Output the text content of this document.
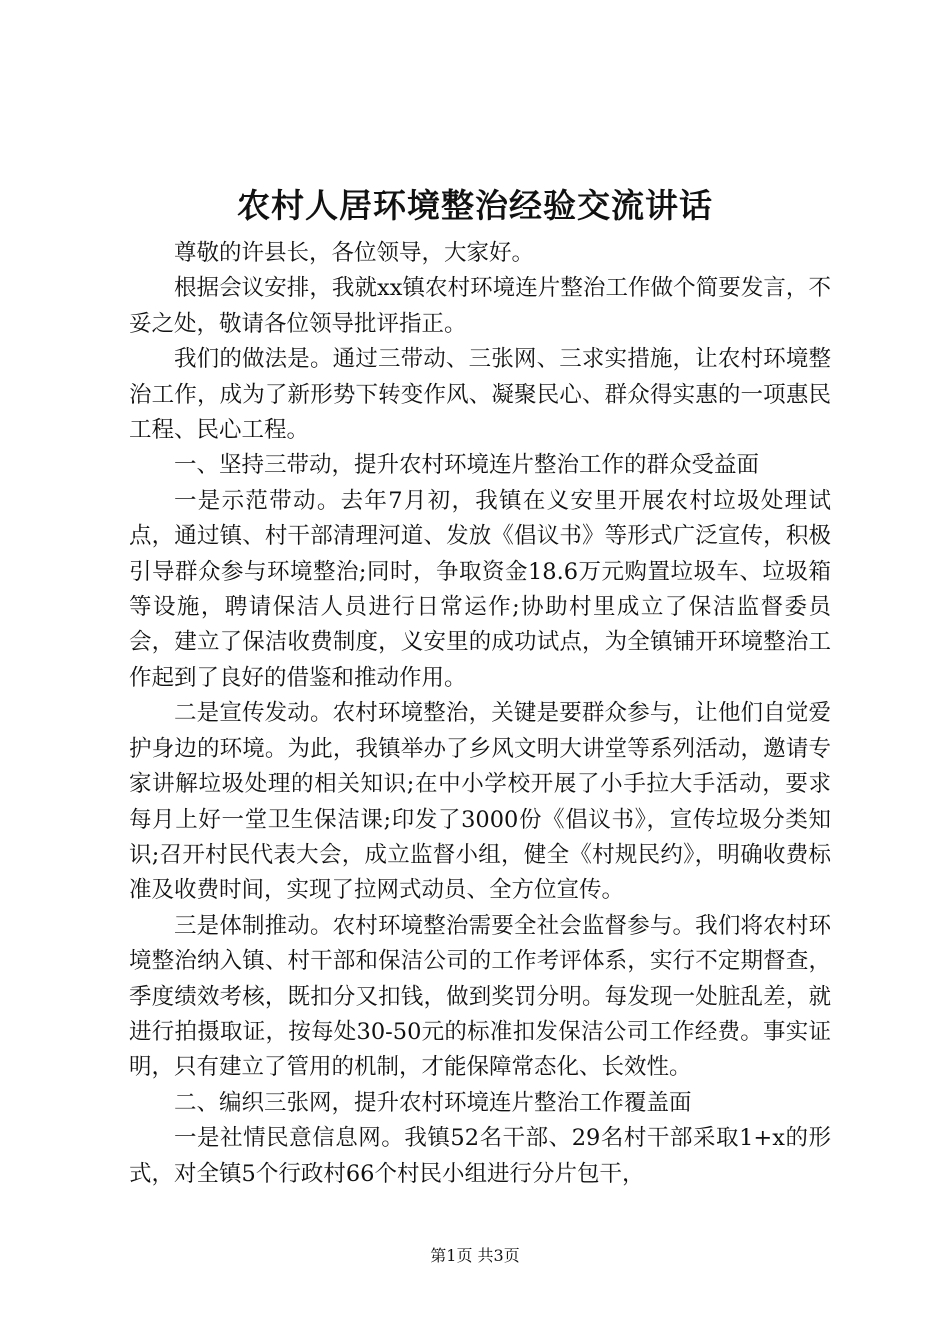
农村人居环境整治经验交流讲话

尊敬的许县长，各位领导，大家好。

根据会议安排，我就xx镇农村环境连片整治工作做个简要发言，不妥之处，敬请各位领导批评指正。

我们的做法是。通过三带动、三张网、三求实措施，让农村环境整治工作，成为了新形势下转变作风、凝聚民心、群众得实惠的一项惠民工程、民心工程。

一、坚持三带动，提升农村环境连片整治工作的群众受益面

一是示范带动。去年7月初，我镇在义安里开展农村垃圾处理试点，通过镇、村干部清理河道、发放《倡议书》等形式广泛宣传，积极引导群众参与环境整治;同时，争取资金18.6万元购置垃圾车、垃圾箱等设施，聘请保洁人员进行日常运作;协助村里成立了保洁监督委员会，建立了保洁收费制度，义安里的成功试点，为全镇铺开环境整治工作起到了良好的借鉴和推动作用。

二是宣传发动。农村环境整治，关键是要群众参与，让他们自觉爱护身边的环境。为此，我镇举办了乡风文明大讲堂等系列活动，邀请专家讲解垃圾处理的相关知识;在中小学校开展了小手拉大手活动，要求每月上好一堂卫生保洁课;印发了3000份《倡议书》，宣传垃圾分类知识;召开村民代表大会，成立监督小组，健全《村规民约》，明确收费标准及收费时间，实现了拉网式动员、全方位宣传。

三是体制推动。农村环境整治需要全社会监督参与。我们将农村环境整治纳入镇、村干部和保洁公司的工作考评体系，实行不定期督查，季度绩效考核，既扣分又扣钱，做到奖罚分明。每发现一处脏乱差，就进行拍摄取证，按每处30-50元的标准扣发保洁公司工作经费。事实证明，只有建立了管用的机制，才能保障常态化、长效性。

二、编织三张网，提升农村环境连片整治工作覆盖面

一是社情民意信息网。我镇52名干部、29名村干部采取1+x的形式，对全镇5个行政村66个村民小组进行分片包干，

第1页 共3页
